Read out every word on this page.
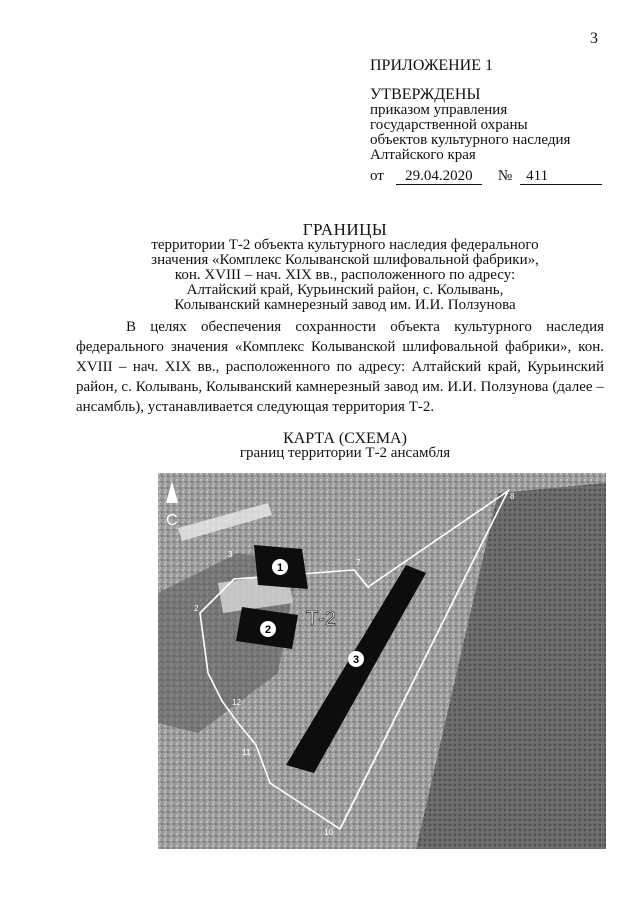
3
ПРИЛОЖЕНИЕ 1
УТВЕРЖДЕНЫ
приказом управления
государственной охраны
объектов культурного наследия
Алтайского края
от	29.04.2020	№ 411
ГРАНИЦЫ
территории Т-2 объекта культурного наследия федерального
значения «Комплекс Колыванской шлифовальной фабрики»,
кон. XVIII – нач. XIX вв., расположенного по адресу:
Алтайский край, Курьинский район, с. Колывань,
Колыванский камнерезный завод им. И.И. Ползунова

В целях обеспечения сохранности объекта культурного наследия федерального значения «Комплекс Колыванской шлифовальной фабрики», кон. XVIII – нач. XIX вв., расположенного по адресу: Алтайский край, Курьинский район, с. Колывань, Колыванский камнерезный завод им. И.И. Ползунова (далее – ансамбль), устанавливается следующая территория Т-2.

КАРТА (СХЕМА)
границ территории Т-2 ансамбля
1
2
3
Т-2
С
2
3
7
8
10
11
12
